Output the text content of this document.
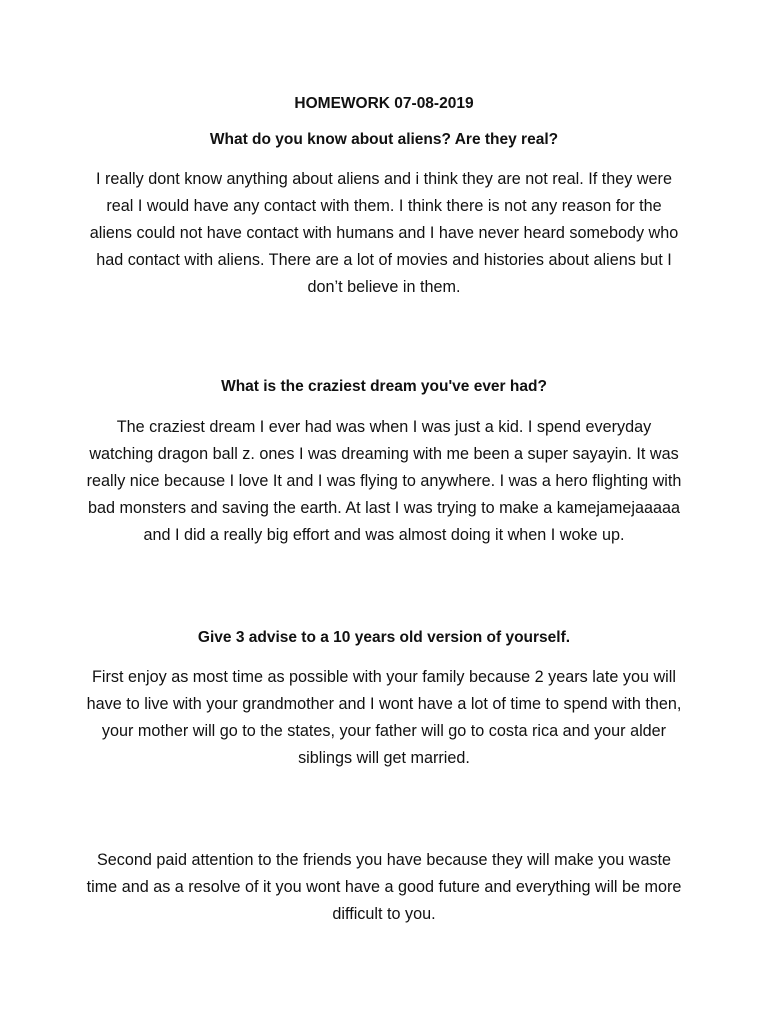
HOMEWORK 07-08-2019
What do you know about aliens? Are they real?
I really dont know anything about aliens and i think they are not real. If they were real I would have any contact with them. I think there is not any reason for the aliens could not have contact with humans and I have never heard somebody who had contact with aliens. There are a lot of movies and histories about aliens but I don’t believe in them.
What is the craziest dream you've ever had?
The craziest dream I ever had was when I was just a kid. I spend everyday watching dragon ball z. ones I was dreaming with me been a super sayayin. It was really nice because I love It and I was flying to anywhere. I was a hero flighting with bad monsters and saving the earth. At last I was trying to make a kamejamejaaaaa and I did a really big effort and was almost doing it when I woke up.
Give 3 advise to a 10 years old version of yourself.
First enjoy as most time as possible with your family because 2 years late you will have to live with your grandmother and I wont have a lot of time to spend with then, your mother will go to the states, your father will go to costa rica and your alder siblings will get married.
Second paid attention to the friends you have because they will make you waste time and as a resolve of it you wont have a good future and everything will be more difficult to you.
